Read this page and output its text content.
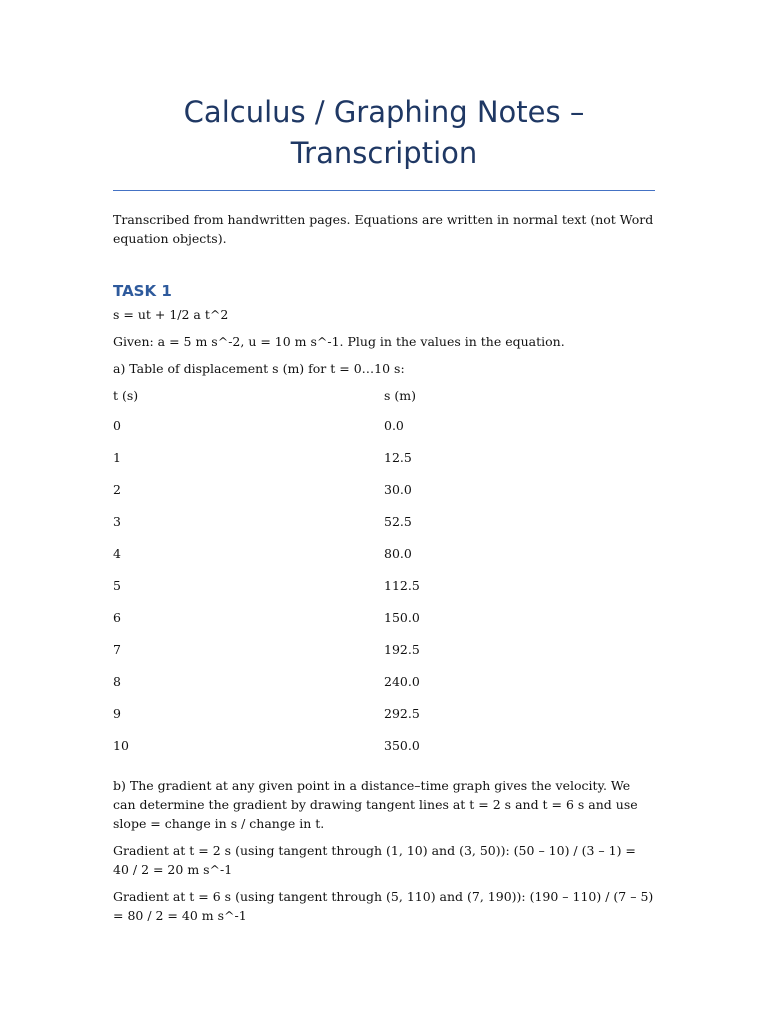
Calculus / Graphing Notes – Transcription

Transcribed from handwritten pages. Equations are written in normal text (not Word equation objects).

TASK 1

s = ut + 1/2 a t^2

Given: a = 5 m s^-2, u = 10 m s^-1. Plug in the values in the equation.

a) Table of displacement s (m) for t = 0…10 s:

t (s)	s (m)
0	0.0
1	12.5
2	30.0
3	52.5
4	80.0
5	112.5
6	150.0
7	192.5
8	240.0
9	292.5
10	350.0

b) The gradient at any given point in a distance–time graph gives the velocity. We can determine the gradient by drawing tangent lines at t = 2 s and t = 6 s and use slope = change in s / change in t.

Gradient at t = 2 s (using tangent through (1, 10) and (3, 50)): (50 – 10) / (3 – 1) = 40 / 2 = 20 m s^-1

Gradient at t = 6 s (using tangent through (5, 110) and (7, 190)): (190 – 110) / (7 – 5) = 80 / 2 = 40 m s^-1
